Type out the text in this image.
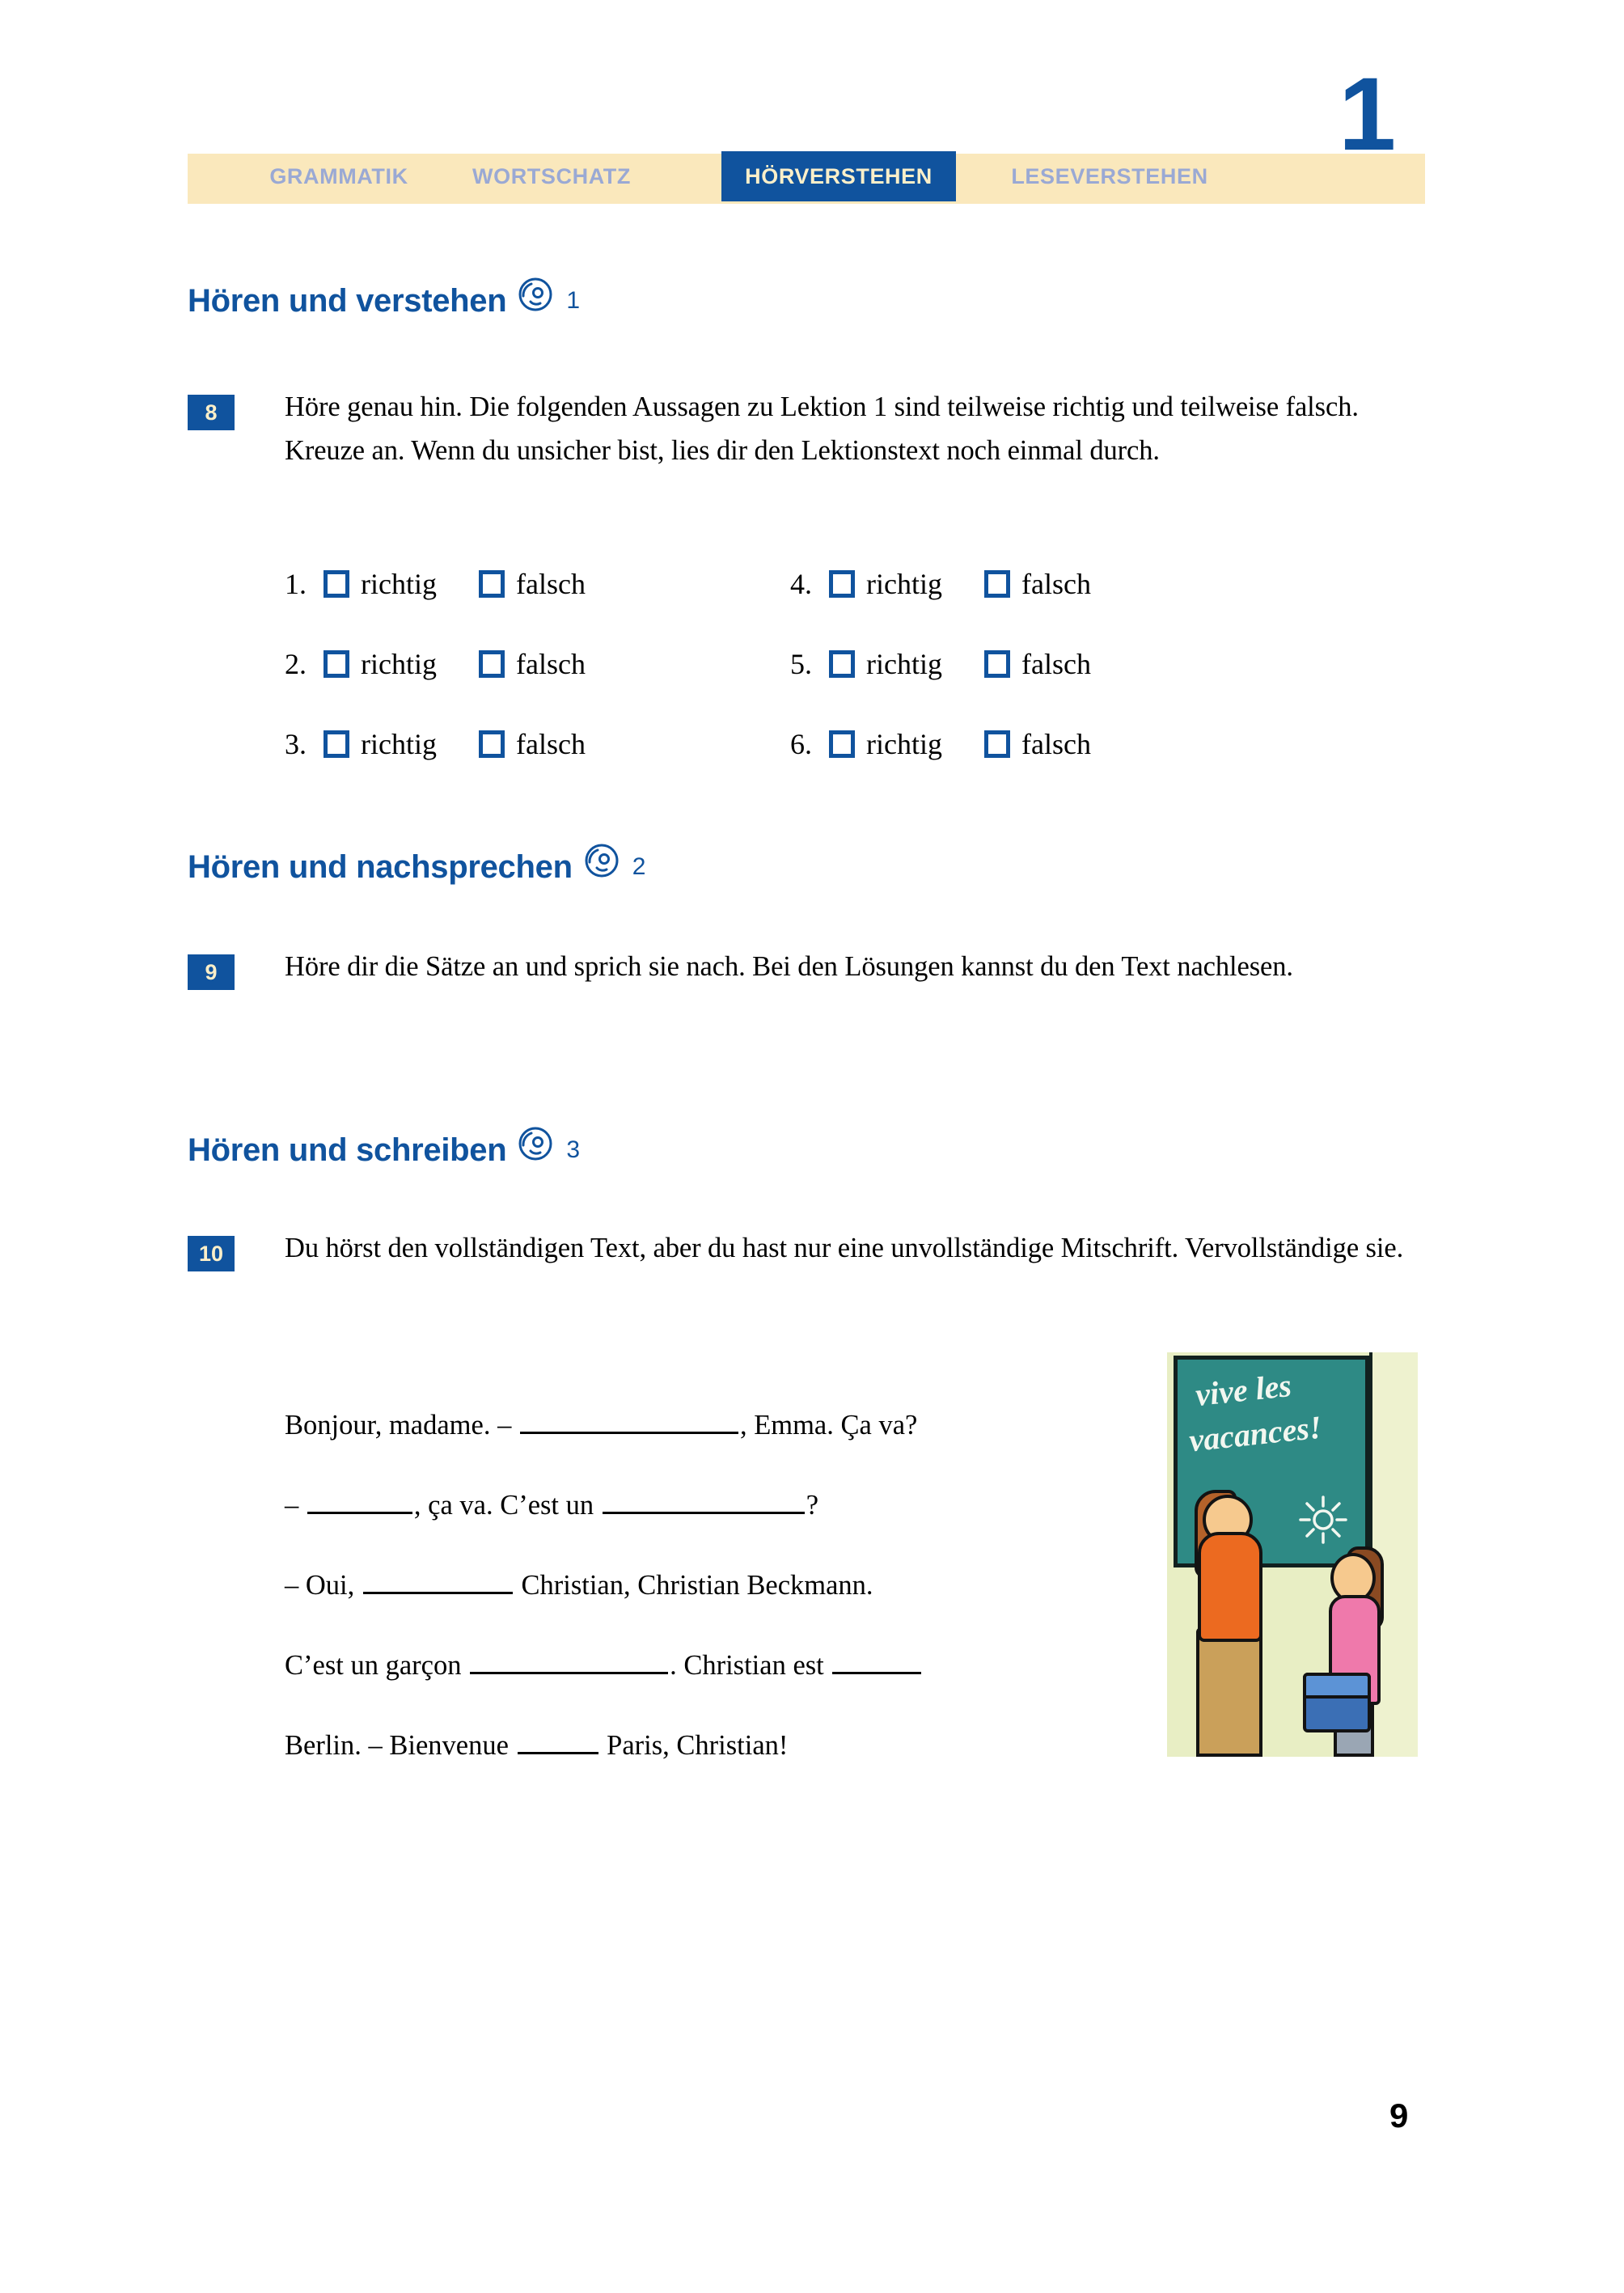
GRAMMATIK	WORTSCHATZ	HÖRVERSTEHEN	LESEVERSTEHEN
1
Hören und verstehen 1
8	Höre genau hin. Die folgenden Aussagen zu Lektion 1 sind teilweise richtig und teilweise falsch. Kreuze an. Wenn du unsicher bist, lies dir den Lektionstext noch einmal durch.
1.	richtig	falsch	4.	richtig	falsch
2.	richtig	falsch	5.	richtig	falsch
3.	richtig	falsch	6.	richtig	falsch
Hören und nachsprechen 2
9	Höre dir die Sätze an und sprich sie nach. Bei den Lösungen kannst du den Text nachlesen.
Hören und schreiben 3
10	Du hörst den vollständigen Text, aber du hast nur eine unvollständige Mitschrift. Vervollständige sie.
Bonjour, madame. –	, Emma. Ça va?
–	, ça va. C’est un	?
– Oui,	Christian, Christian Beckmann.
C’est un garçon	. Christian est
Berlin. – Bienvenue	Paris, Christian!
vive les
vacances!
9
